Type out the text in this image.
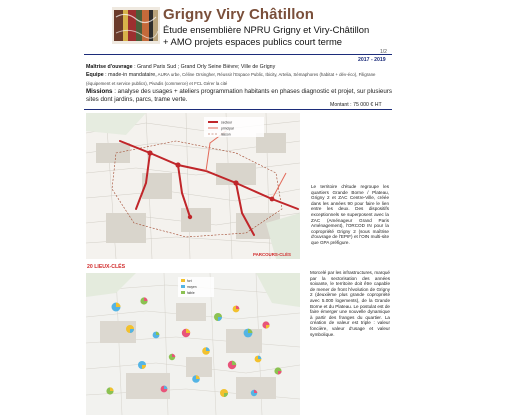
Grigny Viry Châtillon
Étude ensemblière NPRU Grigny et Viry-Châtillon
+ AMO projets espaces publics court terme
1/2
2017 - 2019
Maîtrise d'ouvrage : Grand Paris Sud ; Grand Orly Seine Bièvre; Ville de Grigny
Equipe : made-in mandataire, AURA urbe, Céline Orsingher, Réussir l'Espace Public, Ibicity, Artelia, Sémaphores (habitat + dév-éco), Filigrane (équipement et service publics), Pivadis (commerce) et FCL Gérer la cité
Missions : analyse des usages + ateliers programmation habitants en phases diagnostic et projet, sur plusieurs sites dont jardins, parcs, trame verte.
Montant : 75 000 € HT
secteur
principal
liaison
PARCOURS-CLÉS
Le territoire d'étude regroupe les quartiers Grande Borne / Plateau, Grigny 2 et ZAC Centre-Ville, créée dans les années 90 pour faire le lien entre les deux. Des dispositifs exceptionnels se superposent avec la ZAC (Aménageur Grand Paris Aménagement), l'ORCOD IN pour la copropriété Grigny 2 (sous maîtrise d'ouvrage de l'EPIF) et l'OIN multi-site que GPA préfigure.
20 LIEUX-CLÉS
fort
moyen
faible
Morcelé par les infrastructures, marqué par la sectorisation des années soixante, le territoire doit être capable de mener de front l'évolution de Grigny 2 (deuxième plus grande copropriété avec 5.000 logements), de la Grande Borne et du Plateau. Le postulat est de faire émerger une nouvelle dynamique à partir des franges du quartier. La création de valeur est triple : valeur foncière, valeur d'usage et valeur symbolique.
